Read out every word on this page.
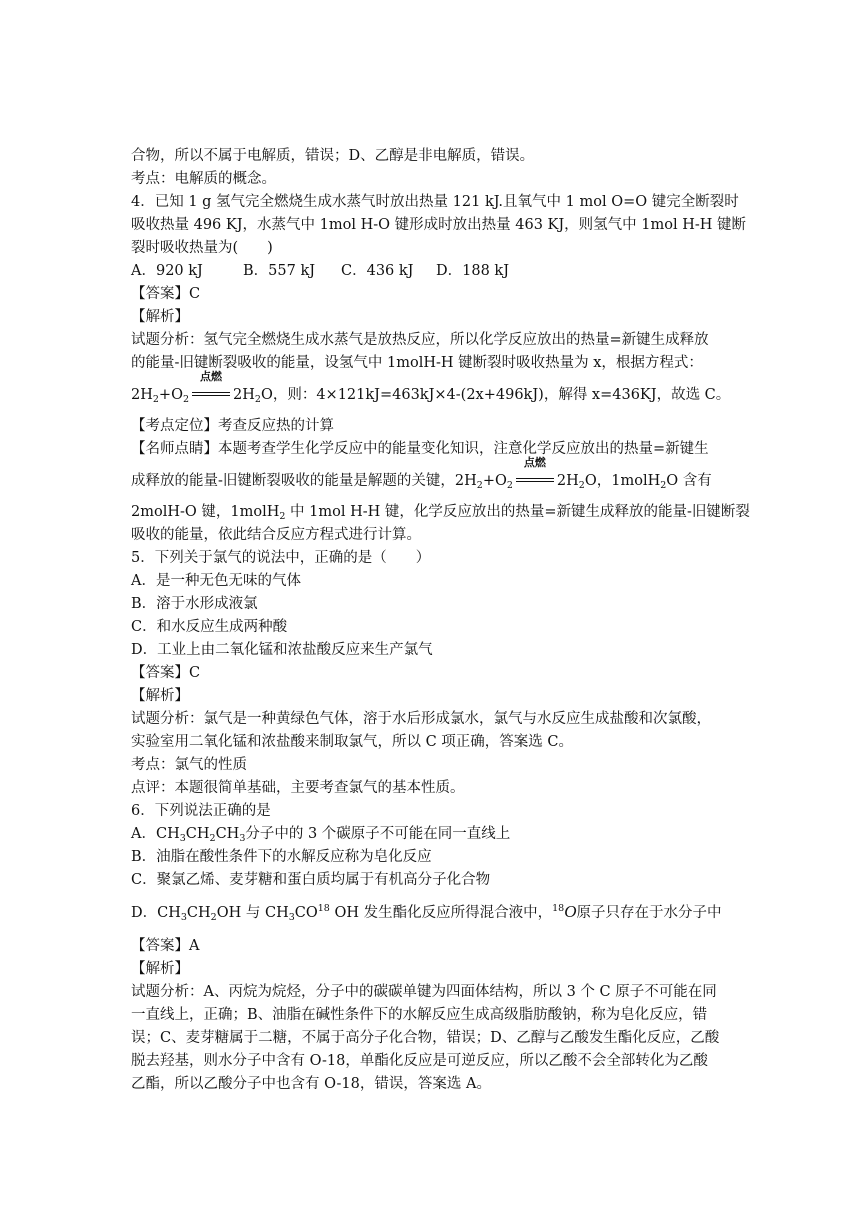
合物，所以不属于电解质，错误；D、乙醇是非电解质，错误。
考点：电解质的概念。
4．已知 1 g 氢气完全燃烧生成水蒸气时放出热量 121 kJ.且氧气中 1 mol O=O 键完全断裂时
吸收热量 496 KJ，水蒸气中 1mol H-O 键形成时放出热量 463 KJ，则氢气中 1mol H-H 键断
裂时吸收热量为(　　)
A．920 kJ	B．557 kJ C．436 kJ D．188 kJ
【答案】C
【解析】
试题分析：氢气完全燃烧生成水蒸气是放热反应，所以化学反应放出的热量=新键生成释放
的能量-旧键断裂吸收的能量，设氢气中 1molH-H 键断裂时吸收热量为 x，根据方程式：
$2H_2+O_2$
点燃
$2H_2O$，则：4×121kJ=463kJ×4-(2x+496kJ)，解得 x=436KJ，故选 C。
【考点定位】考查反应热的计算
【名师点睛】本题考查学生化学反应中的能量变化知识，注意化学反应放出的热量=新键生
成释放的能量-旧键断裂吸收的能量是解题的关键，$2H_2+O_2$
点燃
$2H_2O$，1molH$_2$O 含有
2molH-O 键，1molH$_2$ 中 1mol H-H 键，化学反应放出的热量=新键生成释放的能量-旧键断裂
吸收的能量，依此结合反应方程式进行计算。
5．下列关于氯气的说法中，正确的是（　　）
A．是一种无色无味的气体
B．溶于水形成液氯
C．和水反应生成两种酸
D．工业上由二氧化锰和浓盐酸反应来生产氯气
【答案】C
【解析】
试题分析：氯气是一种黄绿色气体，溶于水后形成氯水，氯气与水反应生成盐酸和次氯酸，
实验室用二氧化锰和浓盐酸来制取氯气，所以 C 项正确，答案选 C。
考点：氯气的性质
点评：本题很简单基础，主要考查氯气的基本性质。
6．下列说法正确的是
A．$CH_3CH_2CH_3$分子中的 3 个碳原子不可能在同一直线上
B．油脂在酸性条件下的水解反应称为皂化反应
C．聚氯乙烯、麦芽糖和蛋白质均属于有机高分子化合物
D．$CH_3CH_2OH$ 与 $CH_3CO^{18}$ OH 发生酯化反应所得混合液中，$^{18}$O原子只存在于水分子中
【答案】A
【解析】
试题分析：A、丙烷为烷烃，分子中的碳碳单键为四面体结构，所以 3 个 C 原子不可能在同
一直线上，正确；B、油脂在碱性条件下的水解反应生成高级脂肪酸钠，称为皂化反应，错
误；C、麦芽糖属于二糖，不属于高分子化合物，错误；D、乙醇与乙酸发生酯化反应，乙酸
脱去羟基，则水分子中含有 O-18，单酯化反应是可逆反应，所以乙酸不会全部转化为乙酸
乙酯，所以乙酸分子中也含有 O-18，错误，答案选 A。
